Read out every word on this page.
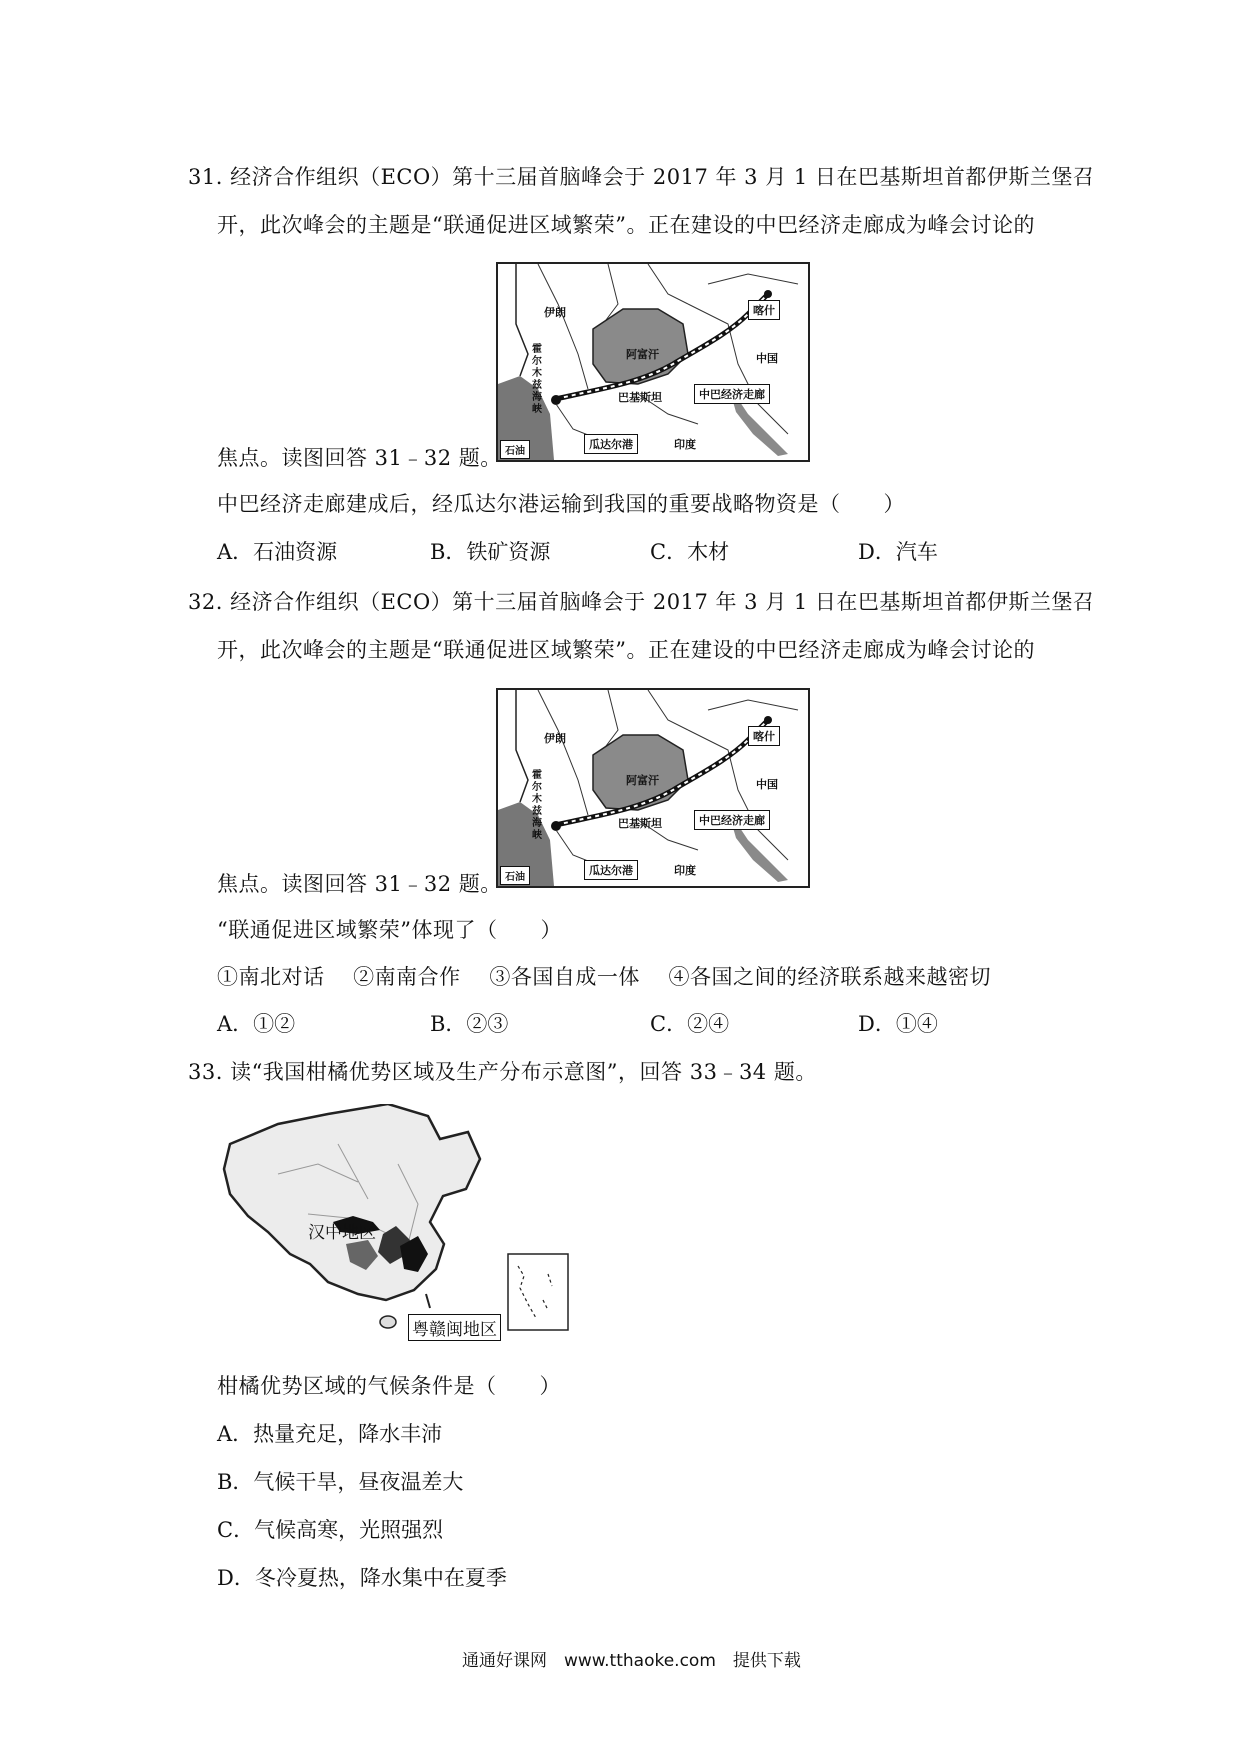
31. 经济合作组织（ECO）第十三届首脑峰会于 2017 年 3 月 1 日在巴基斯坦首都伊斯兰堡召
开，此次峰会的主题是“联通促进区域繁荣”。正在建设的中巴经济走廊成为峰会讨论的
伊朗
阿富汗
喀什
中国
巴基斯坦	中巴经济走廊
瓜达尔港	印度
霍尔木兹海峡
石油
焦点。读图回答 31﹣32 题。
中巴经济走廊建成后，经瓜达尔港运输到我国的重要战略物资是（　　）
A．石油资源	B．铁矿资源	C．木材	D．汽车
32. 经济合作组织（ECO）第十三届首脑峰会于 2017 年 3 月 1 日在巴基斯坦首都伊斯兰堡召
开，此次峰会的主题是“联通促进区域繁荣”。正在建设的中巴经济走廊成为峰会讨论的
伊朗
阿富汗
喀什
中国
巴基斯坦	中巴经济走廊
瓜达尔港	印度
霍尔木兹海峡
石油
焦点。读图回答 31﹣32 题。
“联通促进区域繁荣”体现了（　　）
①南北对话　 ②南南合作　 ③各国自成一体　 ④各国之间的经济联系越来越密切
A．①②	B．②③	C．②④	D．①④
33. 读“我国柑橘优势区域及生产分布示意图”，回答 33﹣34 题。
汉中地区
粤赣闽地区
柑橘优势区域的气候条件是（　　）
A．热量充足，降水丰沛
B．气候干旱，昼夜温差大
C．气候高寒，光照强烈
D．冬冷夏热，降水集中在夏季
通通好课网　www.tthaoke.com　提供下载
